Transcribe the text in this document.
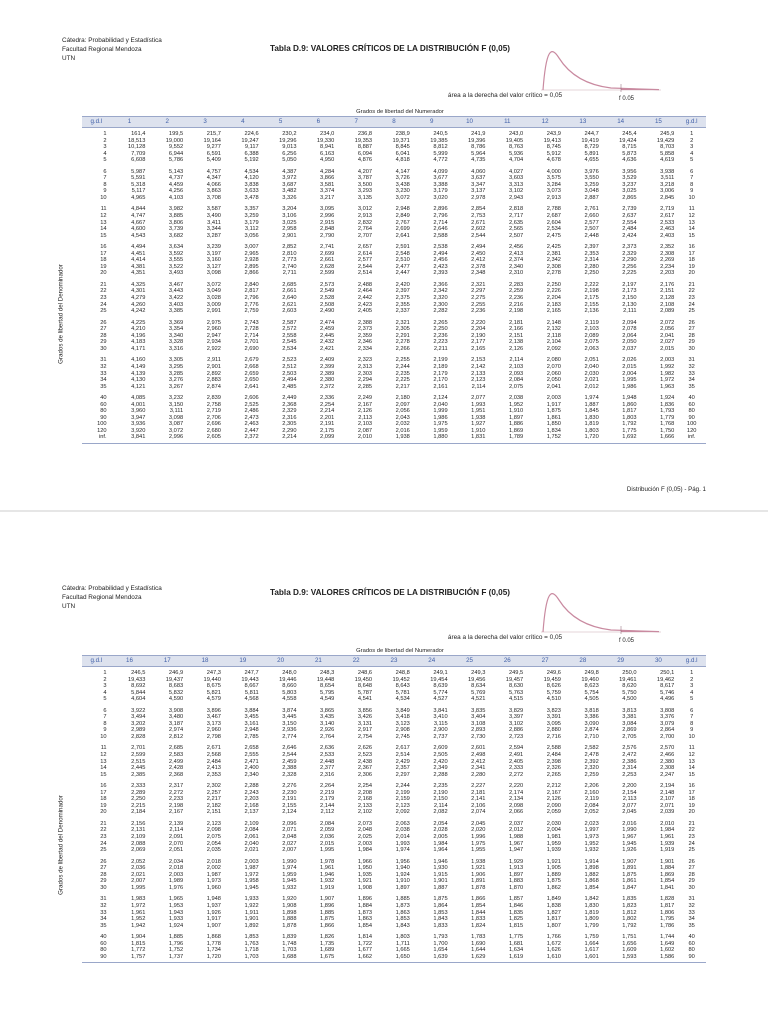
Cátedra: Probabilidad y Estadística
Facultad Regional Mendoza
UTN
Tabla D.9: VALORES CRÍTICOS DE LA DISTRIBUCIÓN F (0,05)
área a la derecha del valor crítico = 0,05	f 0.05
Grados de libertad del Numerador
Grados de libertad del Denominador
g.d.l	1	2	3	4	5	6	7	8	9	10	11	12	13	14	15	g.d.l
1	161,4	199,5	215,7	224,6	230,2	234,0	236,8	238,9	240,5	241,9	243,0	243,9	244,7	245,4	245,9	1
2	18,513	19,000	19,164	19,247	19,296	19,330	19,353	19,371	19,385	19,396	19,405	19,413	19,419	19,424	19,429	2
3	10,128	9,552	9,277	9,117	9,013	8,941	8,887	8,845	8,812	8,786	8,763	8,745	8,729	8,715	8,703	3
4	7,709	6,944	6,591	6,388	6,256	6,163	6,094	6,041	5,999	5,964	5,936	5,912	5,891	5,873	5,858	4
5	6,608	5,786	5,409	5,192	5,050	4,950	4,876	4,818	4,772	4,735	4,704	4,678	4,655	4,636	4,619	5
6	5,987	5,143	4,757	4,534	4,387	4,284	4,207	4,147	4,099	4,060	4,027	4,000	3,976	3,956	3,938	6
7	5,591	4,737	4,347	4,120	3,972	3,866	3,787	3,726	3,677	3,637	3,603	3,575	3,550	3,529	3,511	7
8	5,318	4,459	4,066	3,838	3,687	3,581	3,500	3,438	3,388	3,347	3,313	3,284	3,259	3,237	3,218	8
9	5,117	4,256	3,863	3,633	3,482	3,374	3,293	3,230	3,179	3,137	3,102	3,073	3,048	3,025	3,006	9
10	4,965	4,103	3,708	3,478	3,326	3,217	3,135	3,072	3,020	2,978	2,943	2,913	2,887	2,865	2,845	10
11	4,844	3,982	3,587	3,357	3,204	3,095	3,012	2,948	2,896	2,854	2,818	2,788	2,761	2,739	2,719	11
12	4,747	3,885	3,490	3,259	3,106	2,996	2,913	2,849	2,796	2,753	2,717	2,687	2,660	2,637	2,617	12
13	4,667	3,806	3,411	3,179	3,025	2,915	2,832	2,767	2,714	2,671	2,635	2,604	2,577	2,554	2,533	13
14	4,600	3,739	3,344	3,112	2,958	2,848	2,764	2,699	2,646	2,602	2,565	2,534	2,507	2,484	2,463	14
15	4,543	3,682	3,287	3,056	2,901	2,790	2,707	2,641	2,588	2,544	2,507	2,475	2,448	2,424	2,403	15
16	4,494	3,634	3,239	3,007	2,852	2,741	2,657	2,591	2,538	2,494	2,456	2,425	2,397	2,373	2,352	16
17	4,451	3,592	3,197	2,965	2,810	2,699	2,614	2,548	2,494	2,450	2,413	2,381	2,353	2,329	2,308	17
18	4,414	3,555	3,160	2,928	2,773	2,661	2,577	2,510	2,456	2,412	2,374	2,342	2,314	2,290	2,269	18
19	4,381	3,522	3,127	2,895	2,740	2,628	2,544	2,477	2,423	2,378	2,340	2,308	2,280	2,256	2,234	19
20	4,351	3,493	3,098	2,866	2,711	2,599	2,514	2,447	2,393	2,348	2,310	2,278	2,250	2,225	2,203	20
21	4,325	3,467	3,072	2,840	2,685	2,573	2,488	2,420	2,366	2,321	2,283	2,250	2,222	2,197	2,176	21
22	4,301	3,443	3,049	2,817	2,661	2,549	2,464	2,397	2,342	2,297	2,259	2,226	2,198	2,173	2,151	22
23	4,279	3,422	3,028	2,796	2,640	2,528	2,442	2,375	2,320	2,275	2,236	2,204	2,175	2,150	2,128	23
24	4,260	3,403	3,009	2,776	2,621	2,508	2,423	2,355	2,300	2,255	2,216	2,183	2,155	2,130	2,108	24
25	4,242	3,385	2,991	2,759	2,603	2,490	2,405	2,337	2,282	2,236	2,198	2,165	2,136	2,111	2,089	25
26	4,225	3,369	2,975	2,743	2,587	2,474	2,388	2,321	2,265	2,220	2,181	2,148	2,119	2,094	2,072	26
27	4,210	3,354	2,960	2,728	2,572	2,459	2,373	2,305	2,250	2,204	2,166	2,132	2,103	2,078	2,056	27
28	4,196	3,340	2,947	2,714	2,558	2,445	2,359	2,291	2,236	2,190	2,151	2,118	2,089	2,064	2,041	28
29	4,183	3,328	2,934	2,701	2,545	2,432	2,346	2,278	2,223	2,177	2,138	2,104	2,075	2,050	2,027	29
30	4,171	3,316	2,922	2,690	2,534	2,421	2,334	2,266	2,211	2,165	2,126	2,092	2,063	2,037	2,015	30
31	4,160	3,305	2,911	2,679	2,523	2,409	2,323	2,255	2,199	2,153	2,114	2,080	2,051	2,026	2,003	31
32	4,149	3,295	2,901	2,668	2,512	2,399	2,313	2,244	2,189	2,142	2,103	2,070	2,040	2,015	1,992	32
33	4,139	3,285	2,892	2,659	2,503	2,389	2,303	2,235	2,179	2,133	2,093	2,060	2,030	2,004	1,982	33
34	4,130	3,276	2,883	2,650	2,494	2,380	2,294	2,225	2,170	2,123	2,084	2,050	2,021	1,995	1,972	34
35	4,121	3,267	2,874	2,641	2,485	2,372	2,285	2,217	2,161	2,114	2,075	2,041	2,012	1,986	1,963	35
40	4,085	3,232	2,839	2,606	2,449	2,336	2,249	2,180	2,124	2,077	2,038	2,003	1,974	1,948	1,924	40
60	4,001	3,150	2,758	2,525	2,368	2,254	2,167	2,097	2,040	1,993	1,952	1,917	1,887	1,860	1,836	60
80	3,960	3,111	2,719	2,486	2,329	2,214	2,126	2,056	1,999	1,951	1,910	1,875	1,845	1,817	1,793	80
90	3,947	3,098	2,706	2,473	2,316	2,201	2,113	2,043	1,986	1,938	1,897	1,861	1,830	1,803	1,779	90
100	3,936	3,087	2,696	2,463	2,305	2,191	2,103	2,032	1,975	1,927	1,886	1,850	1,819	1,792	1,768	100
120	3,920	3,072	2,680	2,447	2,290	2,175	2,087	2,016	1,959	1,910	1,869	1,834	1,803	1,775	1,750	120
inf.	3,841	2,996	2,605	2,372	2,214	2,099	2,010	1,938	1,880	1,831	1,789	1,752	1,720	1,692	1,666	inf.
Distribución F (0,05) - Pág. 1
Cátedra: Probabilidad y Estadística
Facultad Regional Mendoza
UTN
Tabla D.9: VALORES CRÍTICOS DE LA DISTRIBUCIÓN F (0,05)
área a la derecha del valor crítico = 0,05	f 0.05
Grados de libertad del Numerador
Grados de libertad del Denominador
g.d.l	16	17	18	19	20	21	22	23	24	25	26	27	28	29	30	g.d.l
1	246,5	246,9	247,3	247,7	248,0	248,3	248,6	248,8	249,1	249,3	249,5	249,6	249,8	250,0	250,1	1
2	19,433	19,437	19,440	19,443	19,446	19,448	19,450	19,452	19,454	19,456	19,457	19,459	19,460	19,461	19,462	2
3	8,692	8,683	8,675	8,667	8,660	8,654	8,648	8,643	8,639	8,634	8,630	8,626	8,623	8,620	8,617	3
4	5,844	5,832	5,821	5,811	5,803	5,795	5,787	5,781	5,774	5,769	5,763	5,759	5,754	5,750	5,746	4
5	4,604	4,590	4,579	4,568	4,558	4,549	4,541	4,534	4,527	4,521	4,515	4,510	4,505	4,500	4,496	5
6	3,922	3,908	3,896	3,884	3,874	3,865	3,856	3,849	3,841	3,835	3,829	3,823	3,818	3,813	3,808	6
7	3,494	3,480	3,467	3,455	3,445	3,435	3,426	3,418	3,410	3,404	3,397	3,391	3,386	3,381	3,376	7
8	3,202	3,187	3,173	3,161	3,150	3,140	3,131	3,123	3,115	3,108	3,102	3,095	3,090	3,084	3,079	8
9	2,989	2,974	2,960	2,948	2,936	2,926	2,917	2,908	2,900	2,893	2,886	2,880	2,874	2,869	2,864	9
10	2,828	2,812	2,798	2,785	2,774	2,764	2,754	2,745	2,737	2,730	2,723	2,716	2,710	2,705	2,700	10
11	2,701	2,685	2,671	2,658	2,646	2,636	2,626	2,617	2,609	2,601	2,594	2,588	2,582	2,576	2,570	11
12	2,599	2,583	2,568	2,555	2,544	2,533	2,523	2,514	2,505	2,498	2,491	2,484	2,478	2,472	2,466	12
13	2,515	2,499	2,484	2,471	2,459	2,448	2,438	2,429	2,420	2,412	2,405	2,398	2,392	2,386	2,380	13
14	2,445	2,428	2,413	2,400	2,388	2,377	2,367	2,357	2,349	2,341	2,333	2,326	2,320	2,314	2,308	14
15	2,385	2,368	2,353	2,340	2,328	2,316	2,306	2,297	2,288	2,280	2,272	2,265	2,259	2,253	2,247	15
16	2,333	2,317	2,302	2,288	2,276	2,264	2,254	2,244	2,235	2,227	2,220	2,212	2,206	2,200	2,194	16
17	2,289	2,272	2,257	2,243	2,230	2,219	2,208	2,199	2,190	2,181	2,174	2,167	2,160	2,154	2,148	17
18	2,250	2,233	2,217	2,203	2,191	2,179	2,168	2,159	2,150	2,141	2,134	2,126	2,119	2,113	2,107	18
19	2,215	2,198	2,182	2,168	2,155	2,144	2,133	2,123	2,114	2,106	2,098	2,090	2,084	2,077	2,071	19
20	2,184	2,167	2,151	2,137	2,124	2,112	2,102	2,092	2,082	2,074	2,066	2,059	2,052	2,045	2,039	20
21	2,156	2,139	2,123	2,109	2,096	2,084	2,073	2,063	2,054	2,045	2,037	2,030	2,023	2,016	2,010	21
22	2,131	2,114	2,098	2,084	2,071	2,059	2,048	2,038	2,028	2,020	2,012	2,004	1,997	1,990	1,984	22
23	2,109	2,091	2,075	2,061	2,048	2,036	2,025	2,014	2,005	1,996	1,988	1,981	1,973	1,967	1,961	23
24	2,088	2,070	2,054	2,040	2,027	2,015	2,003	1,993	1,984	1,975	1,967	1,959	1,952	1,945	1,939	24
25	2,069	2,051	2,035	2,021	2,007	1,995	1,984	1,974	1,964	1,955	1,947	1,939	1,932	1,926	1,919	25
26	2,052	2,034	2,018	2,003	1,990	1,978	1,966	1,956	1,946	1,938	1,929	1,921	1,914	1,907	1,901	26
27	2,036	2,018	2,002	1,987	1,974	1,961	1,950	1,940	1,930	1,921	1,913	1,905	1,898	1,891	1,884	27
28	2,021	2,003	1,987	1,972	1,959	1,946	1,935	1,924	1,915	1,906	1,897	1,889	1,882	1,875	1,869	28
29	2,007	1,989	1,973	1,958	1,945	1,932	1,921	1,910	1,901	1,891	1,883	1,875	1,868	1,861	1,854	29
30	1,995	1,976	1,960	1,945	1,932	1,919	1,908	1,897	1,887	1,878	1,870	1,862	1,854	1,847	1,841	30
31	1,983	1,965	1,948	1,933	1,920	1,907	1,896	1,885	1,875	1,866	1,857	1,849	1,842	1,835	1,828	31
32	1,972	1,953	1,937	1,922	1,908	1,896	1,884	1,873	1,864	1,854	1,846	1,838	1,830	1,823	1,817	32
33	1,961	1,943	1,926	1,911	1,898	1,885	1,873	1,863	1,853	1,844	1,835	1,827	1,819	1,812	1,806	33
34	1,952	1,933	1,917	1,901	1,888	1,875	1,863	1,853	1,843	1,833	1,825	1,817	1,809	1,802	1,795	34
35	1,942	1,924	1,907	1,892	1,878	1,866	1,854	1,843	1,833	1,824	1,815	1,807	1,799	1,792	1,786	35
40	1,904	1,885	1,868	1,853	1,839	1,826	1,814	1,803	1,793	1,783	1,775	1,766	1,759	1,751	1,744	40
60	1,815	1,796	1,778	1,763	1,748	1,735	1,722	1,711	1,700	1,690	1,681	1,672	1,664	1,656	1,649	60
80	1,772	1,752	1,734	1,718	1,703	1,689	1,677	1,665	1,654	1,644	1,634	1,626	1,617	1,609	1,602	80
90	1,757	1,737	1,720	1,703	1,688	1,675	1,662	1,650	1,639	1,629	1,619	1,610	1,601	1,593	1,586	90
